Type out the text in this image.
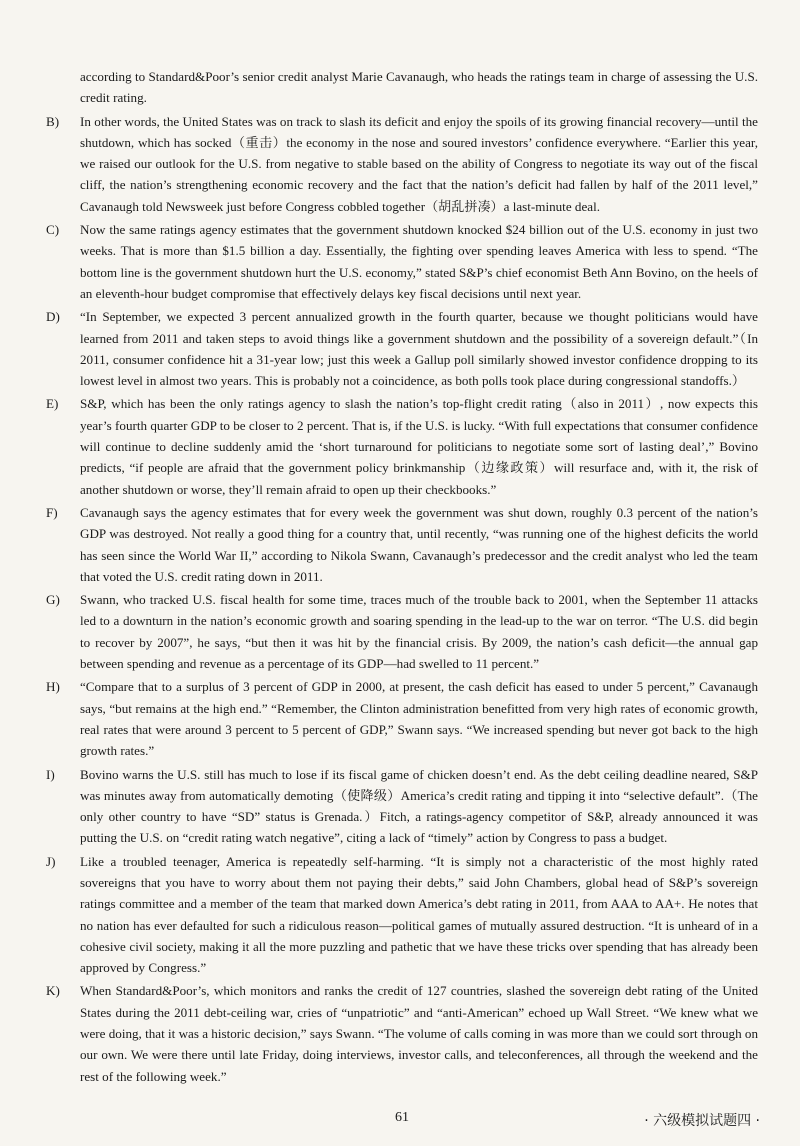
according to Standard&Poor’s senior credit analyst Marie Cavanaugh, who heads the ratings team in charge of assessing the U.S. credit rating.

B)	In other words, the United States was on track to slash its deficit and enjoy the spoils of its growing financial recovery—until the shutdown, which has socked（重击）the economy in the nose and soured investors’ confidence everywhere. “Earlier this year, we raised our outlook for the U.S. from negative to stable based on the ability of Congress to negotiate its way out of the fiscal cliff, the nation’s strengthening economic recovery and the fact that the nation’s deficit had fallen by half of the 2011 level,” Cavanaugh told Newsweek just before Congress cobbled together（胡乱拼凑）a last-minute deal.
C)	Now the same ratings agency estimates that the government shutdown knocked $24 billion out of the U.S. economy in just two weeks. That is more than $1.5 billion a day. Essentially, the fighting over spending leaves America with less to spend. “The bottom line is the government shutdown hurt the U.S. economy,” stated S&P’s chief economist Beth Ann Bovino, on the heels of an eleventh-hour budget compromise that effectively delays key fiscal decisions until next year.
D)	“In September, we expected 3 percent annualized growth in the fourth quarter, because we thought politicians would have learned from 2011 and taken steps to avoid things like a government shutdown and the possibility of a sovereign default.”（In 2011, consumer confidence hit a 31-year low; just this week a Gallup poll similarly showed investor confidence dropping to its lowest level in almost two years. This is probably not a coincidence, as both polls took place during congressional standoffs.）
E)	S&P, which has been the only ratings agency to slash the nation’s top-flight credit rating（also in 2011）, now expects this year’s fourth quarter GDP to be closer to 2 percent. That is, if the U.S. is lucky. “With full expectations that consumer confidence will continue to decline suddenly amid the ‘short turnaround for politicians to negotiate some sort of lasting deal’,” Bovino predicts, “if people are afraid that the government policy brinkmanship（边缘政策）will resurface and, with it, the risk of another shutdown or worse, they’ll remain afraid to open up their checkbooks.”
F)	Cavanaugh says the agency estimates that for every week the government was shut down, roughly 0.3 percent of the nation’s GDP was destroyed. Not really a good thing for a country that, until recently, “was running one of the highest deficits the world has seen since the World War II,” according to Nikola Swann, Cavanaugh’s predecessor and the credit analyst who led the team that voted the U.S. credit rating down in 2011.
G)	Swann, who tracked U.S. fiscal health for some time, traces much of the trouble back to 2001, when the September 11 attacks led to a downturn in the nation’s economic growth and soaring spending in the lead-up to the war on terror. “The U.S. did begin to recover by 2007”, he says, “but then it was hit by the financial crisis. By 2009, the nation’s cash deficit—the annual gap between spending and revenue as a percentage of its GDP—had swelled to 11 percent.”
H)	“Compare that to a surplus of 3 percent of GDP in 2000, at present, the cash deficit has eased to under 5 percent,” Cavanaugh says, “but remains at the high end.” “Remember, the Clinton administration benefitted from very high rates of economic growth, real rates that were around 3 percent to 5 percent of GDP,” Swann says. “We increased spending but never got back to the high growth rates.”
I)	Bovino warns the U.S. still has much to lose if its fiscal game of chicken doesn’t end. As the debt ceiling deadline neared, S&P was minutes away from automatically demoting（使降级）America’s credit rating and tipping it into “selective default”.（The only other country to have “SD” status is Grenada.）Fitch, a ratings-agency competitor of S&P, already announced it was putting the U.S. on “credit rating watch negative”, citing a lack of “timely” action by Congress to pass a budget.
J)	Like a troubled teenager, America is repeatedly self-harming. “It is simply not a characteristic of the most highly rated sovereigns that you have to worry about them not paying their debts,” said John Chambers, global head of S&P’s sovereign ratings committee and a member of the team that marked down America’s debt rating in 2011, from AAA to AA+. He notes that no nation has ever defaulted for such a ridiculous reason—political games of mutually assured destruction. “It is unheard of in a cohesive civil society, making it all the more puzzling and pathetic that we have these tricks over spending that has already been approved by Congress.”
K)	When Standard&Poor’s, which monitors and ranks the credit of 127 countries, slashed the sovereign debt rating of the United States during the 2011 debt-ceiling war, cries of “unpatriotic” and “anti-American” echoed up Wall Street. “We knew what we were doing, that it was a historic decision,” says Swann. “The volume of calls coming in was more than we could sort through on our own. We were there until late Friday, doing interviews, investor calls, and teleconferences, all through the weekend and the rest of the following week.”
61	· 六级模拟试题四 ·
